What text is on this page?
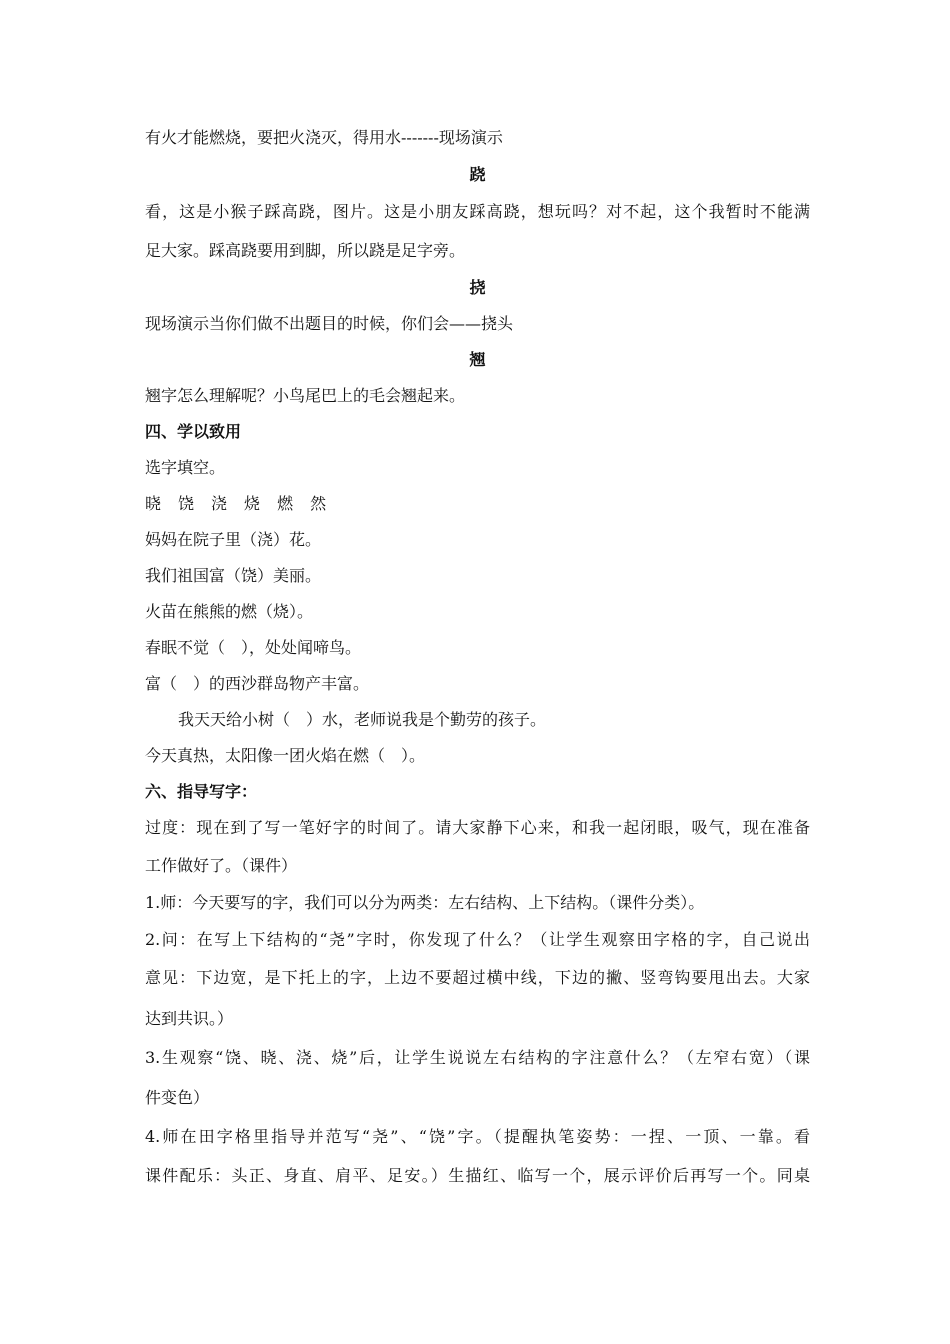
有火才能燃烧，要把火浇灭，得用水-------现场演示
跷
看，这是小猴子踩高跷，图片。这是小朋友踩高跷，想玩吗？对不起，这个我暂时不能满
足大家。踩高跷要用到脚，所以跷是足字旁。
挠
现场演示当你们做不出题目的时候，你们会——挠头
翘
翘字怎么理解呢？小鸟尾巴上的毛会翘起来。
四、学以致用
选字填空。
晓 饶 浇 烧 燃 然
妈妈在院子里（浇）花。
我们祖国富（饶）美丽。
火苗在熊熊的燃（烧）。
春眠不觉（　），处处闻啼鸟。
富（　）的西沙群岛物产丰富。
我天天给小树（　）水，老师说我是个勤劳的孩子。
今天真热，太阳像一团火焰在燃（　）。
六、指导写字：
过度：现在到了写一笔好字的时间了。请大家静下心来，和我一起闭眼，吸气，现在准备
工作做好了。（课件）
1.师：今天要写的字，我们可以分为两类：左右结构、上下结构。（课件分类）。
2.问：在写上下结构的“尧”字时，你发现了什么？（让学生观察田字格的字，自己说出
意见：下边宽，是下托上的字，上边不要超过横中线，下边的撇、竖弯钩要甩出去。大家
达到共识。）
3.生观察“饶、晓、浇、烧”后，让学生说说左右结构的字注意什么？（左窄右宽）（课
件变色）
4.师在田字格里指导并范写“尧”、“饶”字。（提醒执笔姿势：一捏、一顶、一靠。看
课件配乐：头正、身直、肩平、足安。）生描红、临写一个，展示评价后再写一个。同桌
